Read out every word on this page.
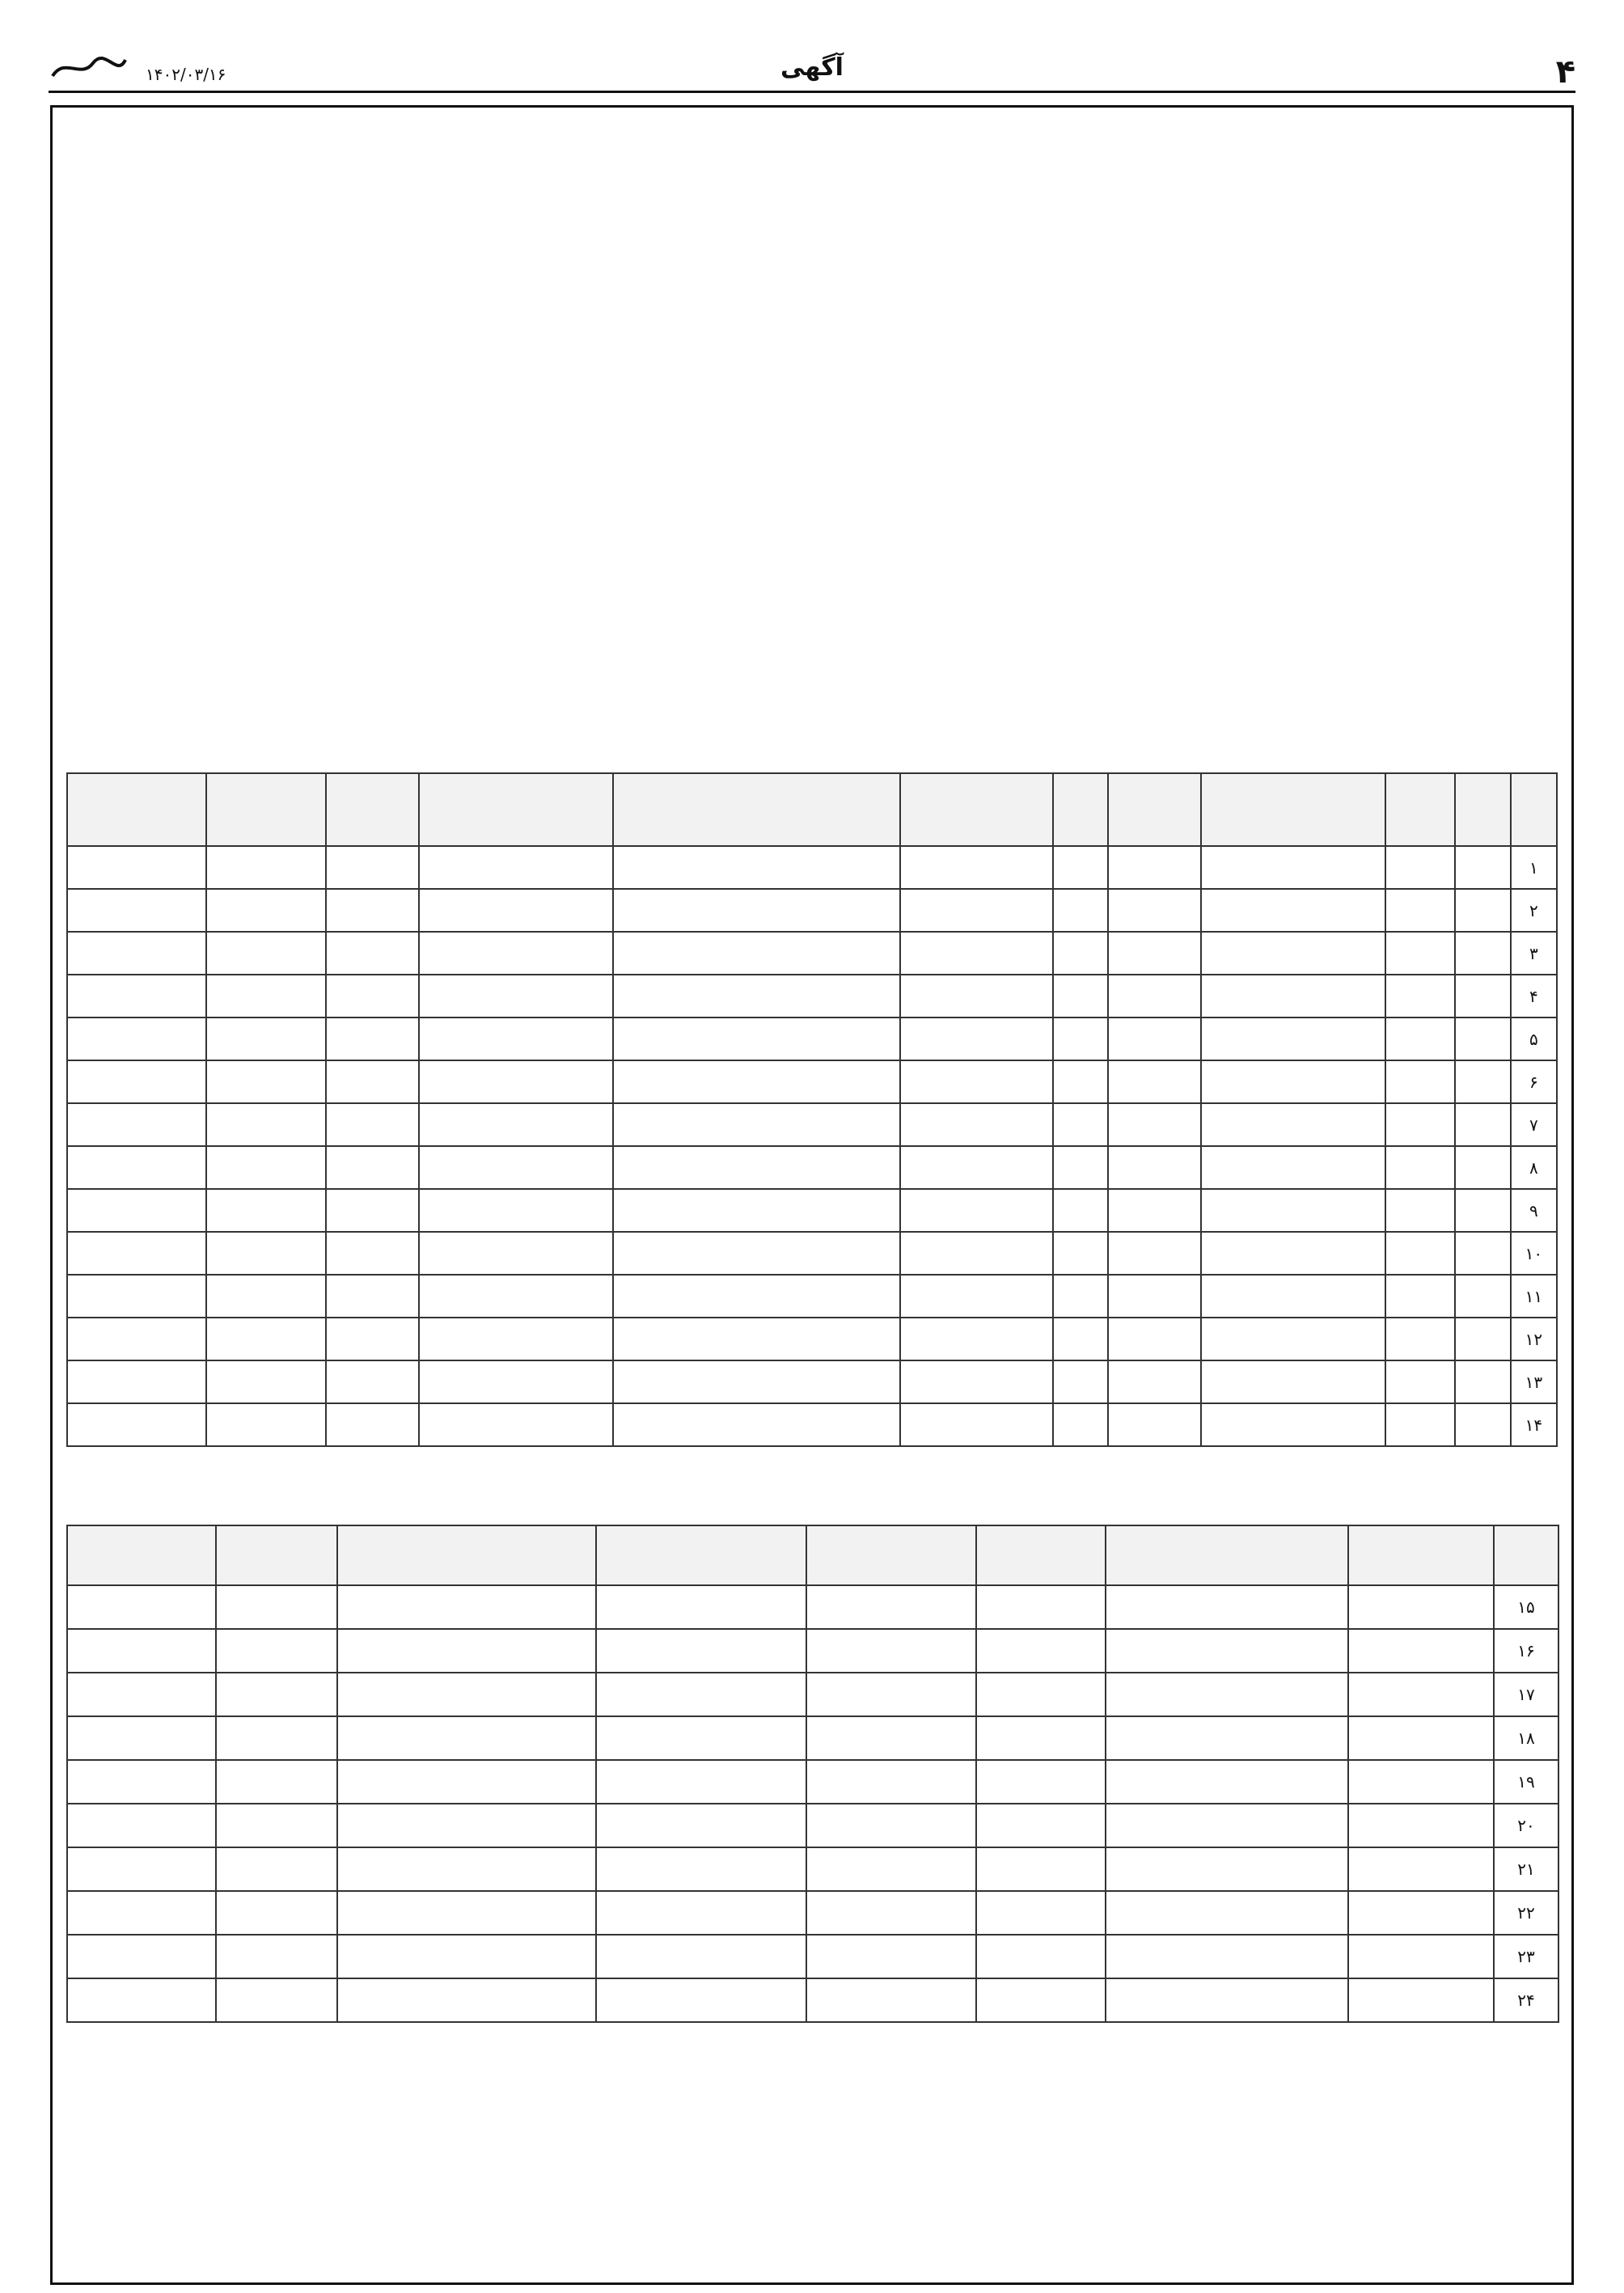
۴
آگهی
۱۴۰۲/۰۳/۱۶

۱											
۲											
۳											
۴											
۵											
۶											
۷											
۸											
۹											
۱۰											
۱۱											
۱۲											
۱۳											
۱۴											

۱۵								
۱۶								
۱۷								
۱۸								
۱۹								
۲۰								
۲۱								
۲۲								
۲۳								
۲۴								
